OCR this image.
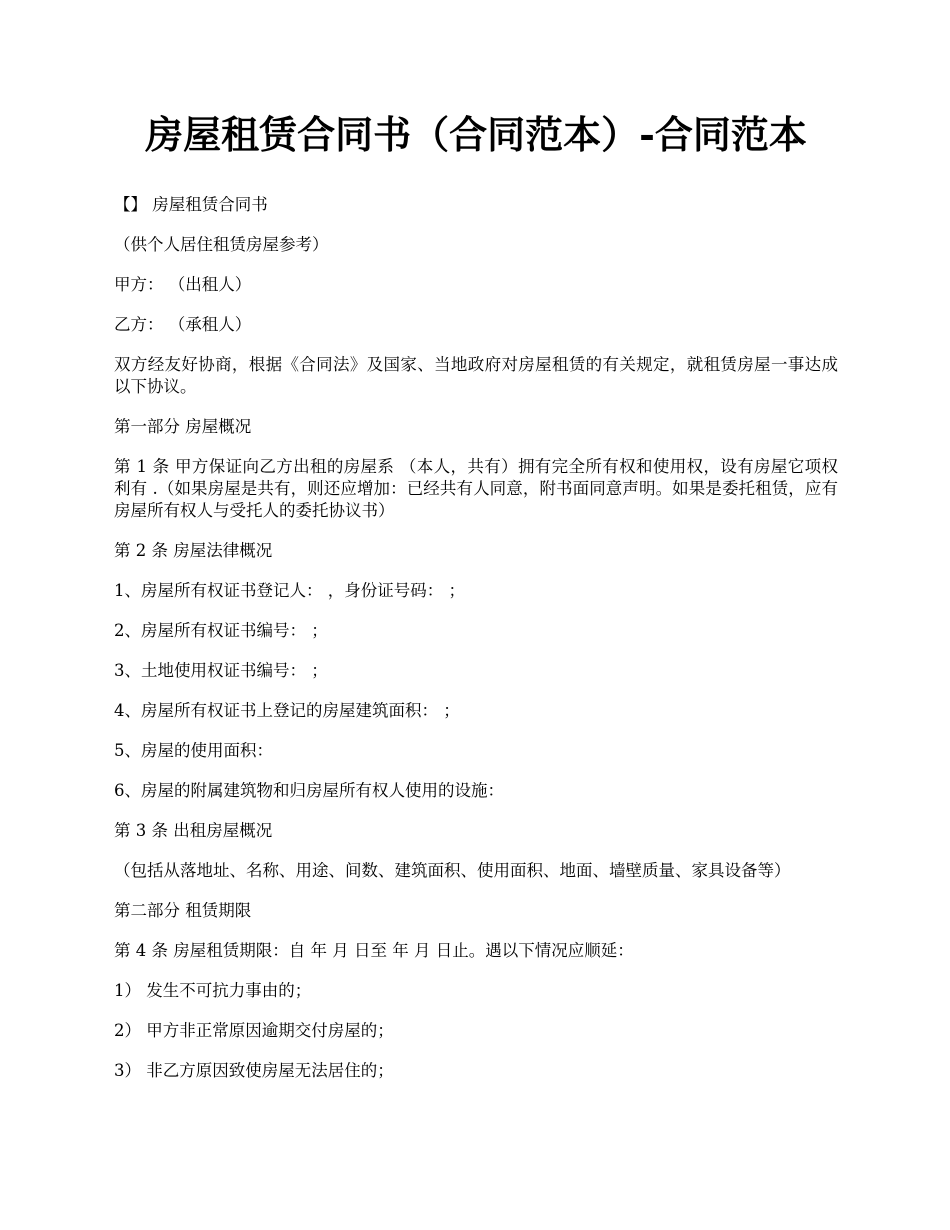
房屋租赁合同书（合同范本）-合同范本

【】 房屋租赁合同书

（供个人居住租赁房屋参考）

甲方： （出租人）

乙方： （承租人）

双方经友好协商，根据《合同法》及国家、当地政府对房屋租赁的有关规定，就租赁房屋一事达成以下协议。

第一部分 房屋概况

第 1 条 甲方保证向乙方出租的房屋系 （本人，共有）拥有完全所有权和使用权，设有房屋它项权利有 .（如果房屋是共有，则还应增加：已经共有人同意，附书面同意声明。如果是委托租赁，应有房屋所有权人与受托人的委托协议书）

第 2 条 房屋法律概况

1、房屋所有权证书登记人： ，身份证号码： ；

2、房屋所有权证书编号： ；

3、土地使用权证书编号： ；

4、房屋所有权证书上登记的房屋建筑面积： ；

5、房屋的使用面积：

6、房屋的附属建筑物和归房屋所有权人使用的设施：

第 3 条 出租房屋概况

（包括从落地址、名称、用途、间数、建筑面积、使用面积、地面、墙壁质量、家具设备等）

第二部分 租赁期限

第 4 条 房屋租赁期限：自 年 月 日至 年 月 日止。遇以下情况应顺延：

1） 发生不可抗力事由的；

2） 甲方非正常原因逾期交付房屋的；

3） 非乙方原因致使房屋无法居住的；
